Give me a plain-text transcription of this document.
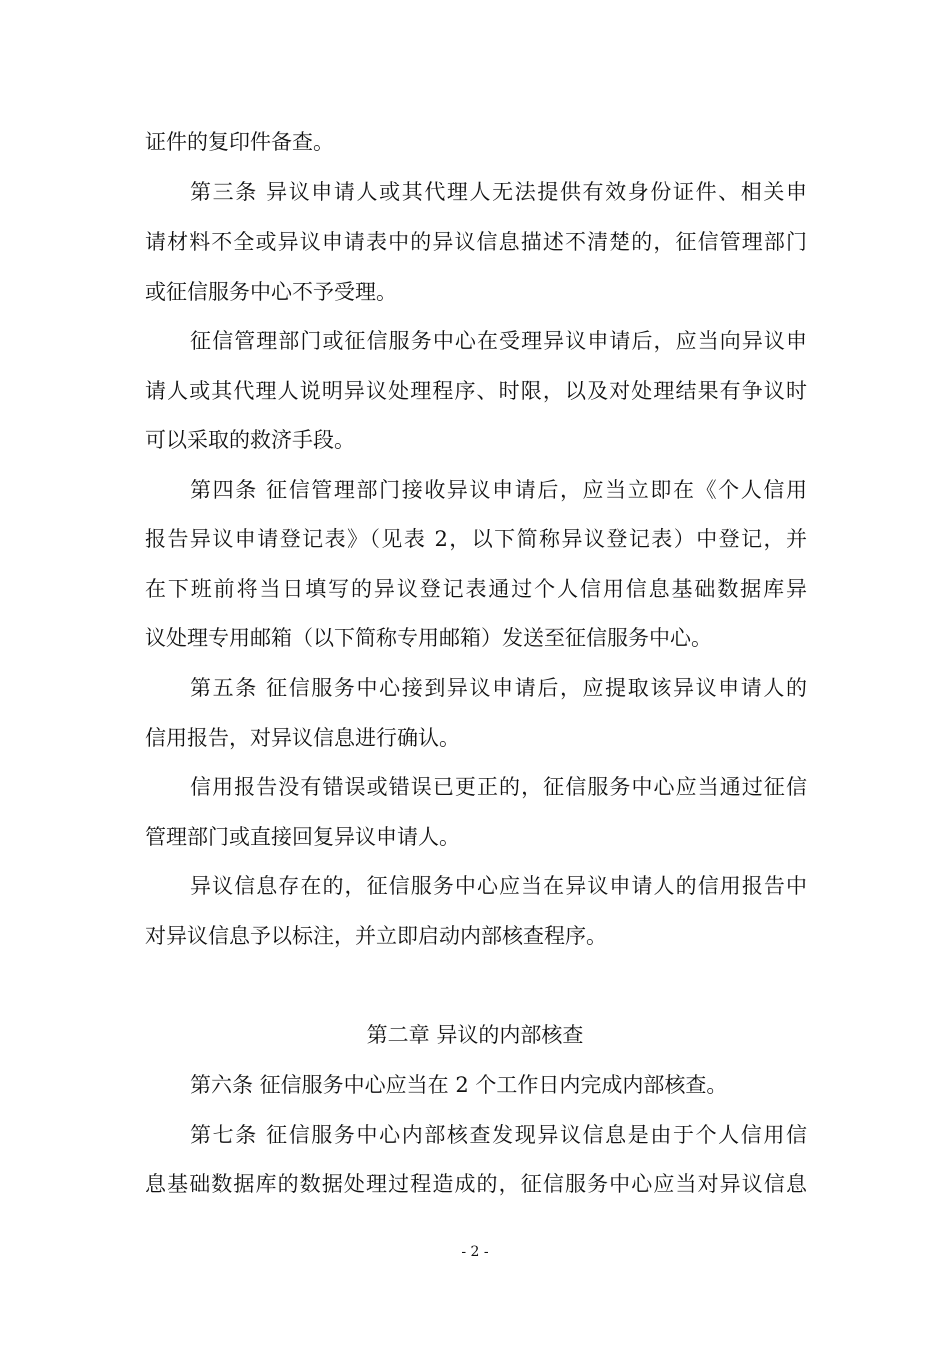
证件的复印件备查。
第三条 异议申请人或其代理人无法提供有效身份证件、相关申
请材料不全或异议申请表中的异议信息描述不清楚的，征信管理部门
或征信服务中心不予受理。
征信管理部门或征信服务中心在受理异议申请后，应当向异议申
请人或其代理人说明异议处理程序、时限，以及对处理结果有争议时
可以采取的救济手段。
第四条 征信管理部门接收异议申请后，应当立即在《个人信用
报告异议申请登记表》（见表 2，以下简称异议登记表）中登记，并
在下班前将当日填写的异议登记表通过个人信用信息基础数据库异
议处理专用邮箱（以下简称专用邮箱）发送至征信服务中心。
第五条 征信服务中心接到异议申请后，应提取该异议申请人的
信用报告，对异议信息进行确认。
信用报告没有错误或错误已更正的，征信服务中心应当通过征信
管理部门或直接回复异议申请人。
异议信息存在的，征信服务中心应当在异议申请人的信用报告中
对异议信息予以标注，并立即启动内部核查程序。
第二章 异议的内部核查
第六条 征信服务中心应当在 2 个工作日内完成内部核查。
第七条 征信服务中心内部核查发现异议信息是由于个人信用信
息基础数据库的数据处理过程造成的，征信服务中心应当对异议信息
- 2 -
